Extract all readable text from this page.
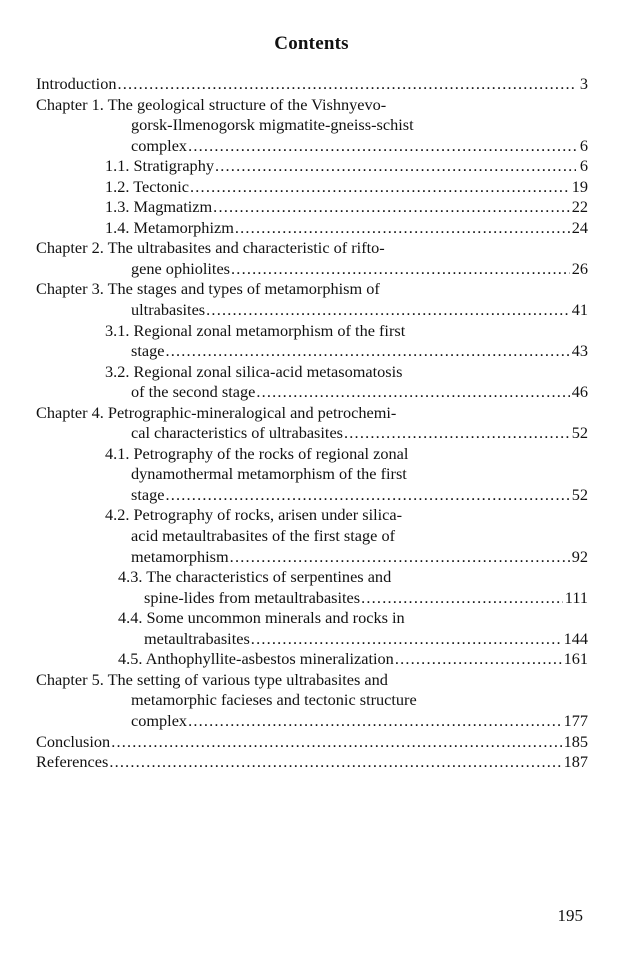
Contents
Introduction .....	3
Chapter 1. The geological structure of the Vishnyevo-
gorsk-Ilmenogorsk migmatite-gneiss-schist
complex .....	6
1.1. Stratigraphy .....	6
1.2. Tectonic .....	19
1.3. Magmatizm .....	22
1.4. Metamorphizm .....	24
Chapter 2. The ultrabasites and characteristic of rifto-
gene ophiolites .....	26
Chapter 3. The stages and types of metamorphism of
ultrabasites .....	41
3.1. Regional zonal metamorphism of the first
stage .....	43
3.2. Regional zonal silica-acid metasomatosis
of the second stage .....	46
Chapter 4. Petrographic-mineralogical and petrochemi-
cal characteristics of ultrabasites .....	52
4.1. Petrography of the rocks of regional zonal
dynamothermal metamorphism of the first
stage .....	52
4.2. Petrography of rocks, arisen under silica-
acid metaultrabasites of the first stage of
metamorphism .....	92
4.3. The characteristics of serpentines and
spine-lides from metaultrabasites .....	111
4.4. Some uncommon minerals and rocks in
metaultrabasites .....	144
4.5. Anthophyllite-asbestos mineralization .....	161
Chapter 5. The setting of various type ultrabasites and
metamorphic facieses and tectonic structure
complex .....	177
Conclusion .....	185
References .....	187
195
